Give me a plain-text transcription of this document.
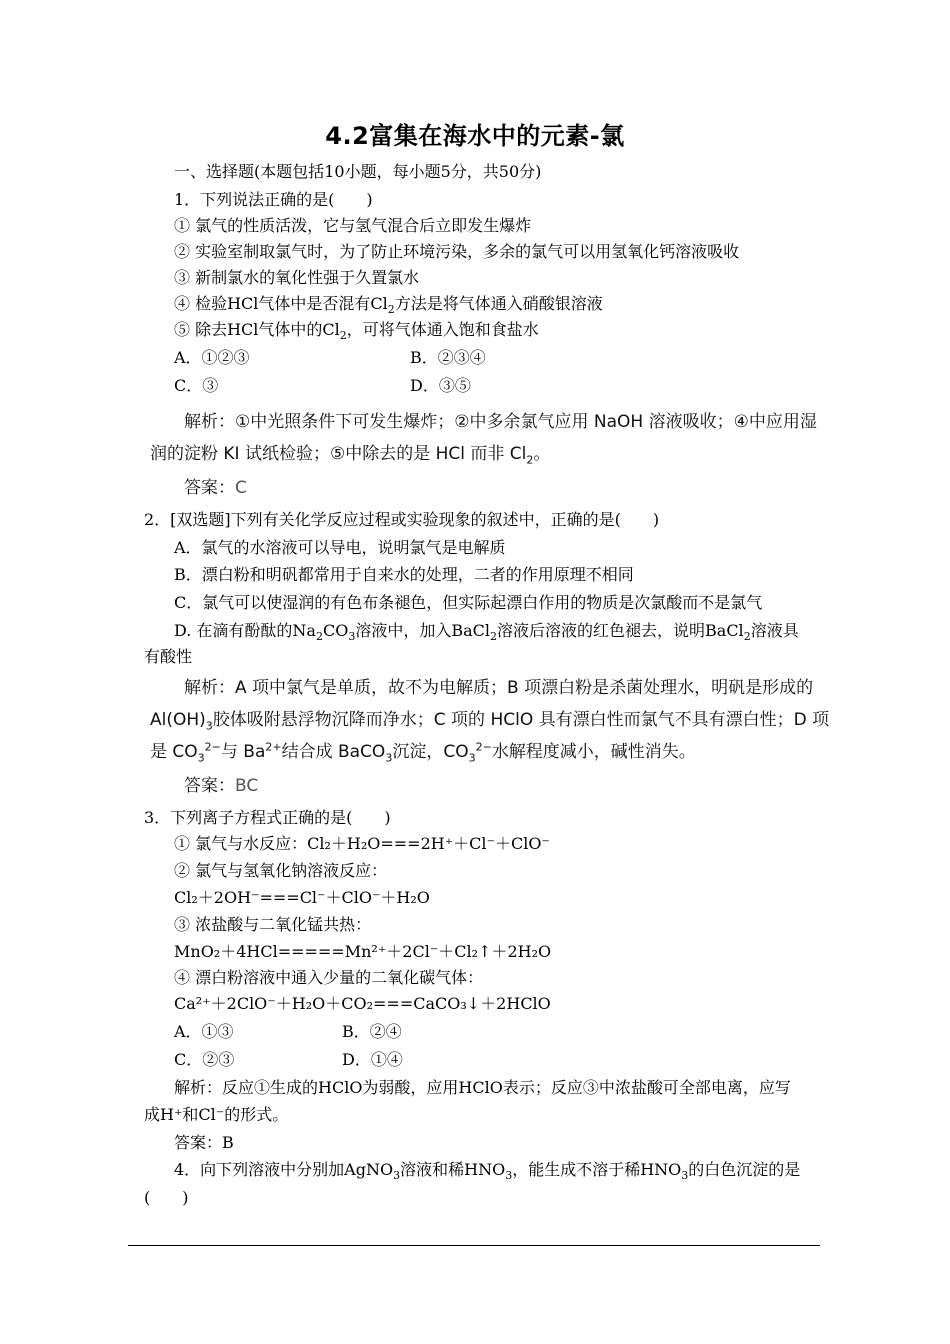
4.2富集在海水中的元素-氯
一、选择题(本题包括10小题，每小题5分，共50分)
1．下列说法正确的是(　　)
① 氯气的性质活泼，它与氢气混合后立即发生爆炸
② 实验室制取氯气时，为了防止环境污染，多余的氯气可以用氢氧化钙溶液吸收
③ 新制氯水的氧化性强于久置氯水
④ 检验HCl气体中是否混有$Cl_2$方法是将气体通入硝酸银溶液
⑤ 除去HCl气体中的$Cl_2$，可将气体通入饱和食盐水
A．①②③	B．②③④
C．③	D．③⑤
解析：①中光照条件下可发生爆炸；②中多余氯气应用 NaOH 溶液吸收；④中应用湿
润的淀粉 KI 试纸检验；⑤中除去的是 HCl 而非 $Cl_2$。
答案：C
2．[双选题]下列有关化学反应过程或实验现象的叙述中，正确的是(　　)
A．氯气的水溶液可以导电，说明氯气是电解质
B．漂白粉和明矾都常用于自来水的处理，二者的作用原理不相同
C．氯气可以使湿润的有色布条褪色，但实际起漂白作用的物质是次氯酸而不是氯气
D. 在滴有酚酞的$Na_2CO_3$溶液中，加入BaCl$_2$溶液后溶液的红色褪去，说明BaCl$_2$溶液具
有酸性
解析：A 项中氯气是单质，故不为电解质；B 项漂白粉是杀菌处理水，明矾是形成的
$Al(OH)_3$胶体吸附悬浮物沉降而净水；C 项的 HClO 具有漂白性而氯气不具有漂白性；D 项
是 $CO_3^{2-}$与 $Ba^{2+}$结合成 BaCO$_3$沉淀，$CO_3^{2-}$水解程度减小，碱性消失。
答案：BC
3．下列离子方程式正确的是(　　)
① 氯气与水反应：Cl₂＋H₂O===2H⁺＋Cl⁻＋ClO⁻
② 氯气与氢氧化钠溶液反应：
Cl₂＋2OH⁻===Cl⁻＋ClO⁻＋H₂O
③ 浓盐酸与二氧化锰共热：
MnO₂＋4HCl=====Mn²⁺＋2Cl⁻＋Cl₂↑＋2H₂O
④ 漂白粉溶液中通入少量的二氧化碳气体：
Ca²⁺＋2ClO⁻＋H₂O＋CO₂===CaCO₃↓＋2HClO
A．①③	B．②④
C．②③	D．①④
解析：反应①生成的HClO为弱酸，应用HClO表示；反应③中浓盐酸可全部电离，应写
成H⁺和Cl⁻的形式。
答案：B
4．向下列溶液中分别加AgNO$_3$溶液和稀$HNO_3$，能生成不溶于稀$HNO_3$的白色沉淀的是
(　　)
